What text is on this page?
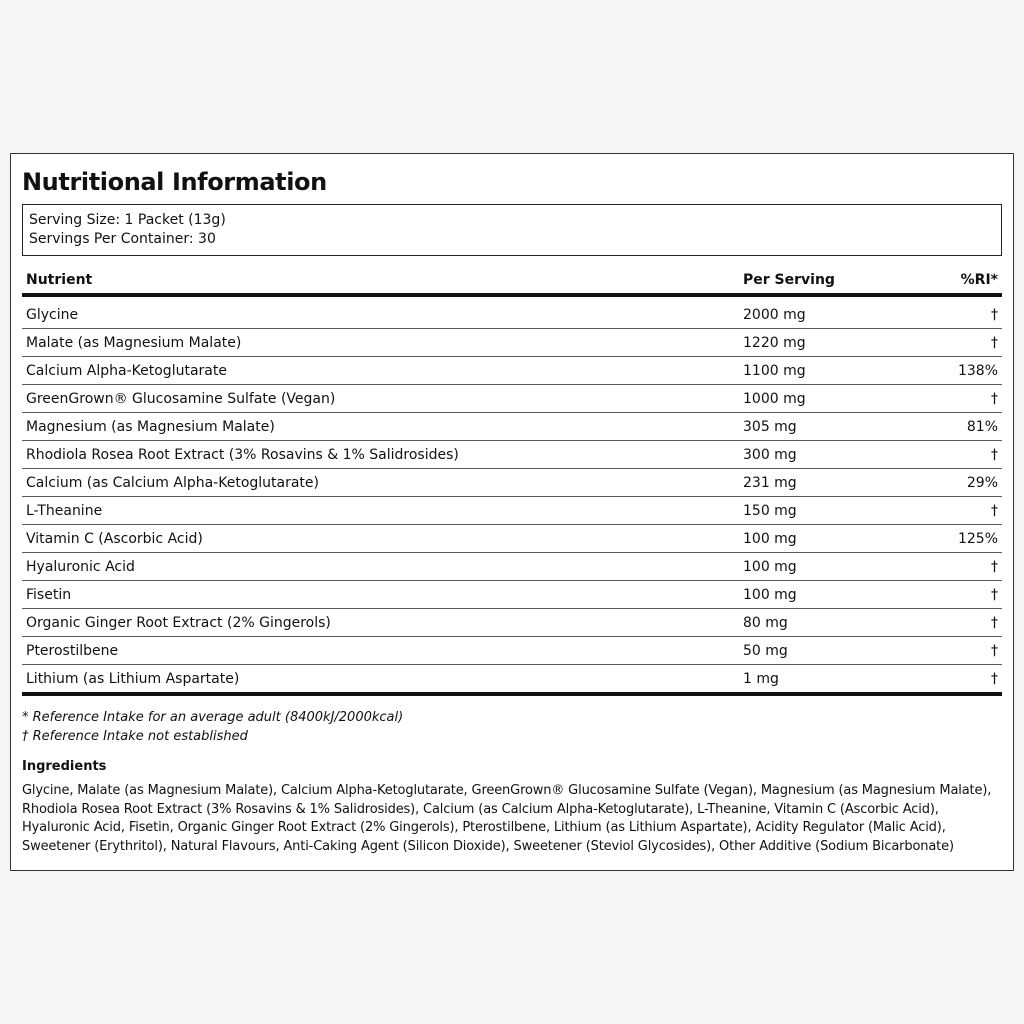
Nutritional Information
Serving Size: 1 Packet (13g)
Servings Per Container: 30
Nutrient	Per Serving	%RI*
Glycine	2000 mg	†
Malate (as Magnesium Malate)	1220 mg	†
Calcium Alpha-Ketoglutarate	1100 mg	138%
GreenGrown® Glucosamine Sulfate (Vegan)	1000 mg	†
Magnesium (as Magnesium Malate)	305 mg	81%
Rhodiola Rosea Root Extract (3% Rosavins & 1% Salidrosides)	300 mg	†
Calcium (as Calcium Alpha-Ketoglutarate)	231 mg	29%
L-Theanine	150 mg	†
Vitamin C (Ascorbic Acid)	100 mg	125%
Hyaluronic Acid	100 mg	†
Fisetin	100 mg	†
Organic Ginger Root Extract (2% Gingerols)	80 mg	†
Pterostilbene	50 mg	†
Lithium (as Lithium Aspartate)	1 mg	†
* Reference Intake for an average adult (8400kJ/2000kcal)
† Reference Intake not established
Ingredients
Glycine, Malate (as Magnesium Malate), Calcium Alpha-Ketoglutarate, GreenGrown® Glucosamine Sulfate (Vegan), Magnesium (as Magnesium Malate), Rhodiola Rosea Root Extract (3% Rosavins & 1% Salidrosides), Calcium (as Calcium Alpha-Ketoglutarate), L-Theanine, Vitamin C (Ascorbic Acid), Hyaluronic Acid, Fisetin, Organic Ginger Root Extract (2% Gingerols), Pterostilbene, Lithium (as Lithium Aspartate), Acidity Regulator (Malic Acid), Sweetener (Erythritol), Natural Flavours, Anti-Caking Agent (Silicon Dioxide), Sweetener (Steviol Glycosides), Other Additive (Sodium Bicarbonate)
